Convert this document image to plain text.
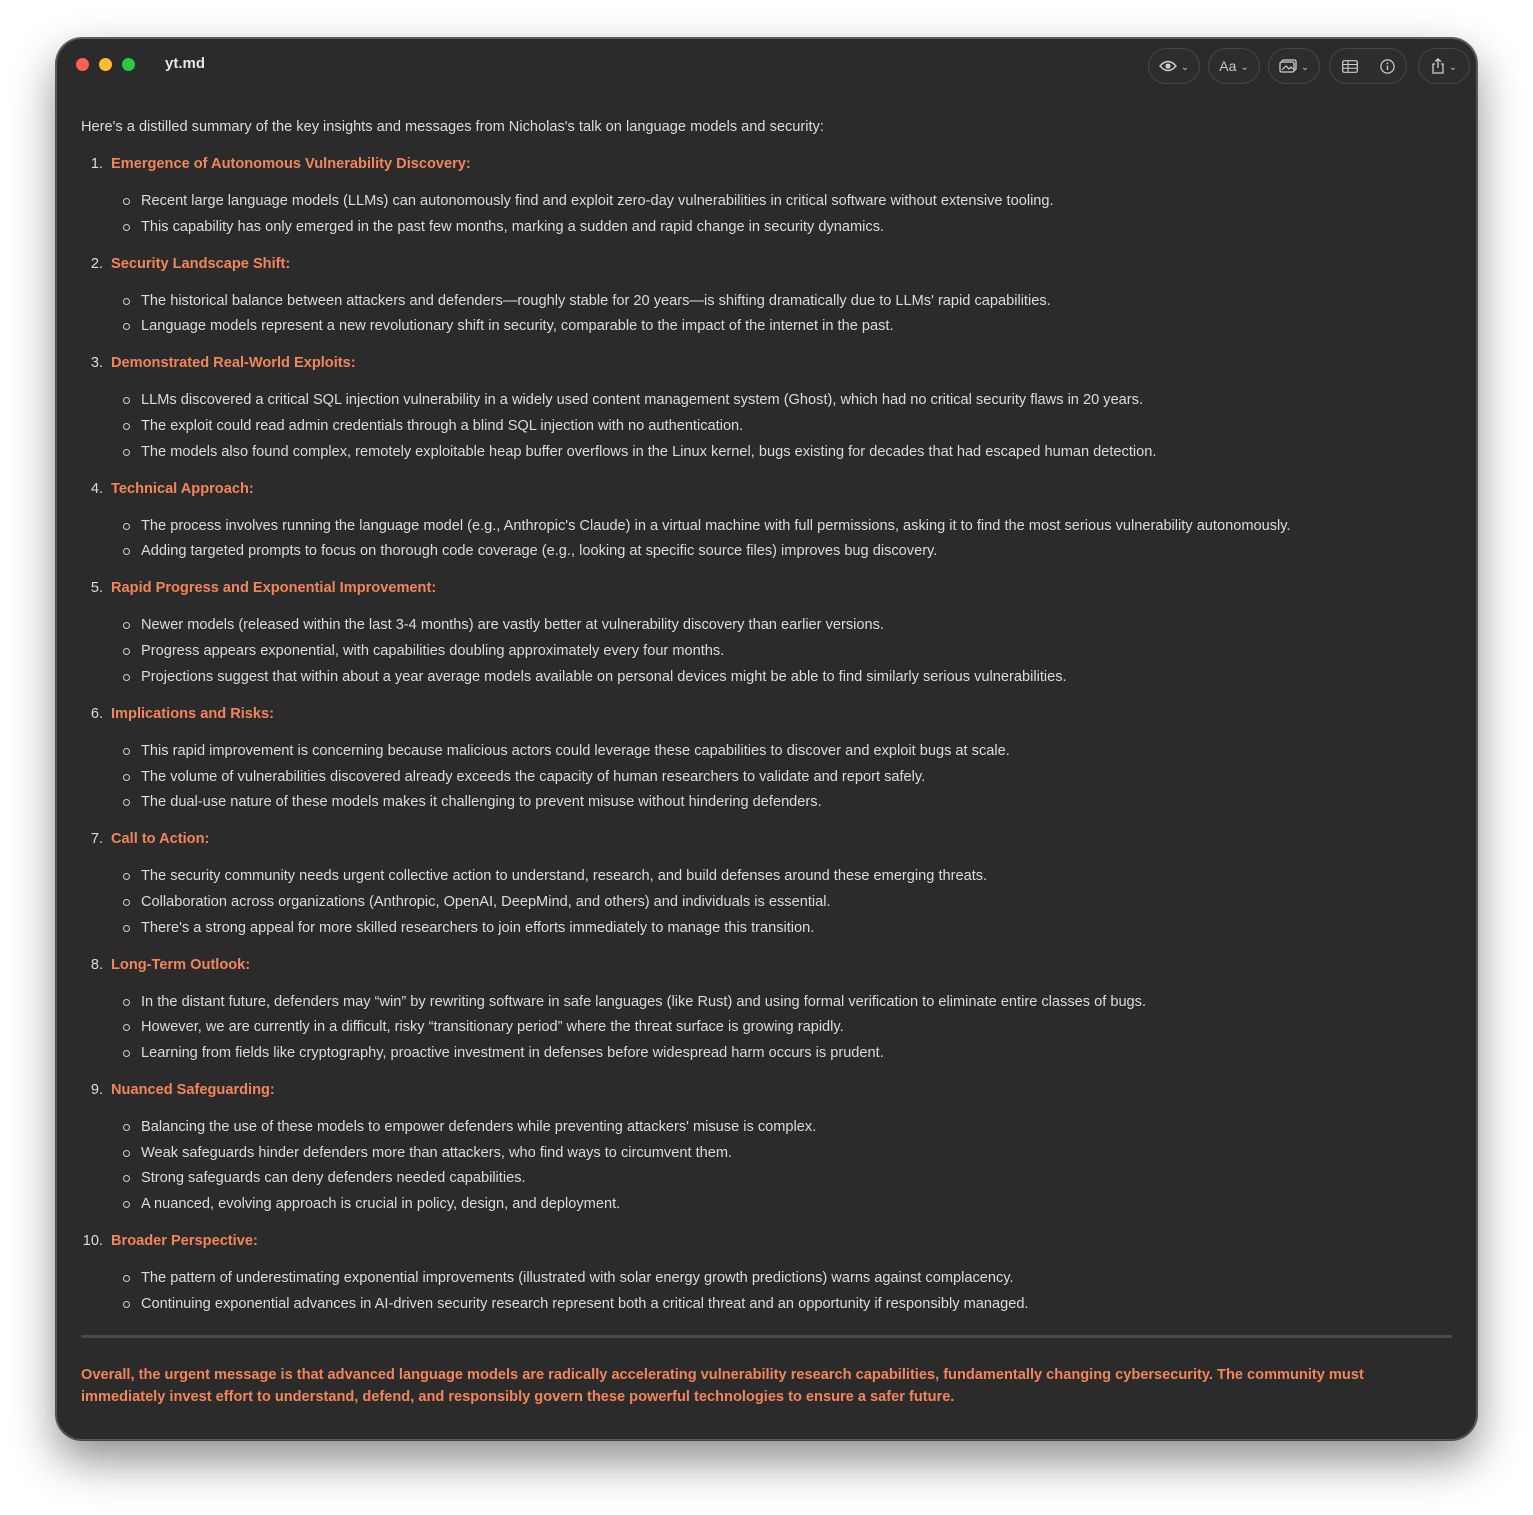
yt.md	⌄ Aa ⌄	⌄	⌄

Here's a distilled summary of the key insights and messages from Nicholas's talk on language models and security:

1. Emergence of Autonomous Vulnerability Discovery:
Recent large language models (LLMs) can autonomously find and exploit zero-day vulnerabilities in critical software without extensive tooling.
This capability has only emerged in the past few months, marking a sudden and rapid change in security dynamics.
2. Security Landscape Shift:
The historical balance between attackers and defenders—roughly stable for 20 years—is shifting dramatically due to LLMs' rapid capabilities.
Language models represent a new revolutionary shift in security, comparable to the impact of the internet in the past.
3. Demonstrated Real-World Exploits:
LLMs discovered a critical SQL injection vulnerability in a widely used content management system (Ghost), which had no critical security flaws in 20 years.
The exploit could read admin credentials through a blind SQL injection with no authentication.
The models also found complex, remotely exploitable heap buffer overflows in the Linux kernel, bugs existing for decades that had escaped human detection.
4. Technical Approach:
The process involves running the language model (e.g., Anthropic's Claude) in a virtual machine with full permissions, asking it to find the most serious vulnerability autonomously.
Adding targeted prompts to focus on thorough code coverage (e.g., looking at specific source files) improves bug discovery.
5. Rapid Progress and Exponential Improvement:
Newer models (released within the last 3-4 months) are vastly better at vulnerability discovery than earlier versions.
Progress appears exponential, with capabilities doubling approximately every four months.
Projections suggest that within about a year average models available on personal devices might be able to find similarly serious vulnerabilities.
6. Implications and Risks:
This rapid improvement is concerning because malicious actors could leverage these capabilities to discover and exploit bugs at scale.
The volume of vulnerabilities discovered already exceeds the capacity of human researchers to validate and report safely.
The dual-use nature of these models makes it challenging to prevent misuse without hindering defenders.
7. Call to Action:
The security community needs urgent collective action to understand, research, and build defenses around these emerging threats.
Collaboration across organizations (Anthropic, OpenAI, DeepMind, and others) and individuals is essential.
There's a strong appeal for more skilled researchers to join efforts immediately to manage this transition.
8. Long-Term Outlook:
In the distant future, defenders may “win” by rewriting software in safe languages (like Rust) and using formal verification to eliminate entire classes of bugs.
However, we are currently in a difficult, risky “transitionary period” where the threat surface is growing rapidly.
Learning from fields like cryptography, proactive investment in defenses before widespread harm occurs is prudent.
9. Nuanced Safeguarding:
Balancing the use of these models to empower defenders while preventing attackers' misuse is complex.
Weak safeguards hinder defenders more than attackers, who find ways to circumvent them.
Strong safeguards can deny defenders needed capabilities.
A nuanced, evolving approach is crucial in policy, design, and deployment.
10. Broader Perspective:
The pattern of underestimating exponential improvements (illustrated with solar energy growth predictions) warns against complacency.
Continuing exponential advances in AI-driven security research represent both a critical threat and an opportunity if responsibly managed.

Overall, the urgent message is that advanced language models are radically accelerating vulnerability research capabilities, fundamentally changing cybersecurity. The community must immediately invest effort to understand, defend, and responsibly govern these powerful technologies to ensure a safer future.
